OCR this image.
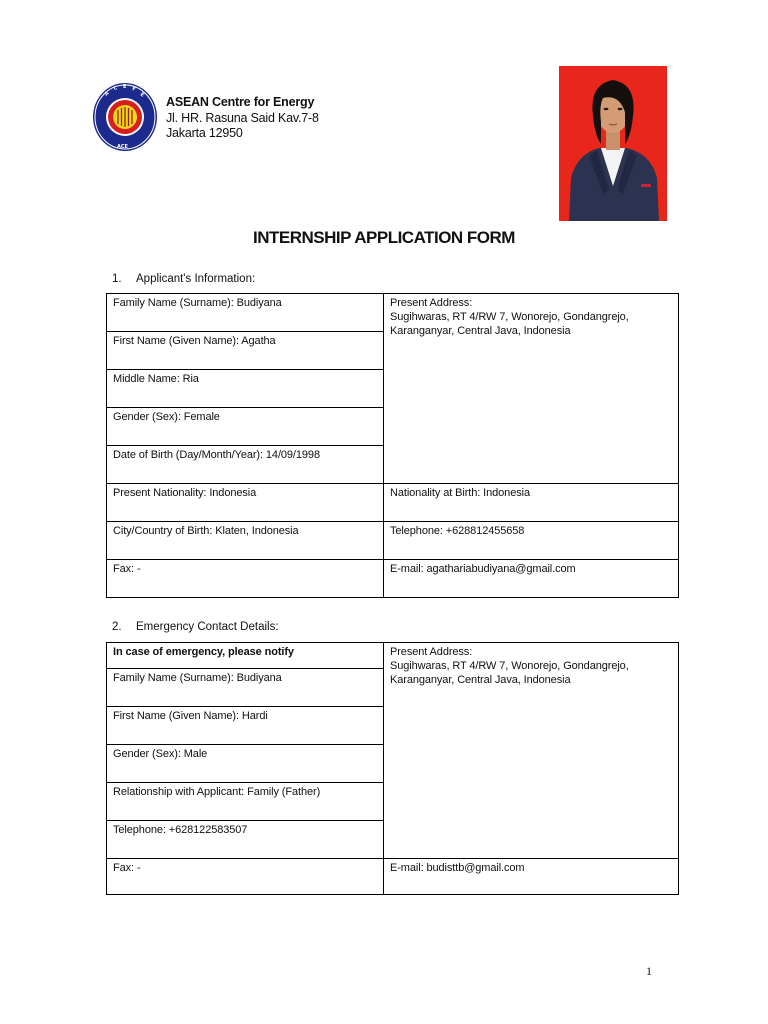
A
C E F
E
ACE
ASEAN Centre for Energy
Jl. HR. Rasuna Said Kav.7-8
Jakarta 12950
INTERNSHIP APPLICATION FORM
1. Applicant's Information:
Family Name (Surname): Budiyana	Present Address:
Sugihwaras, RT 4/RW 7, Wonorejo, Gondangrejo,
Karanganyar, Central Java, Indonesia

First Name (Given Name): Agatha	
Middle Name: Ria	
Gender (Sex): Female	
Date of Birth (Day/Month/Year): 14/09/1998	
Present Nationality: Indonesia	Nationality at Birth: Indonesia
City/Country of Birth: Klaten, Indonesia	Telephone: +628812455658
Fax: -	E-mail: agathariabudiyana@gmail.com
2. Emergency Contact Details:
In case of emergency, please notify	Present Address:
Sugihwaras, RT 4/RW 7, Wonorejo, Gondangrejo,
Karanganyar, Central Java, Indonesia

Family Name (Surname): Budiyana	
First Name (Given Name): Hardi	
Gender (Sex): Male	
Relationship with Applicant: Family (Father)	
Telephone: +628122583507	
Fax: -	E-mail: budisttb@gmail.com
1
